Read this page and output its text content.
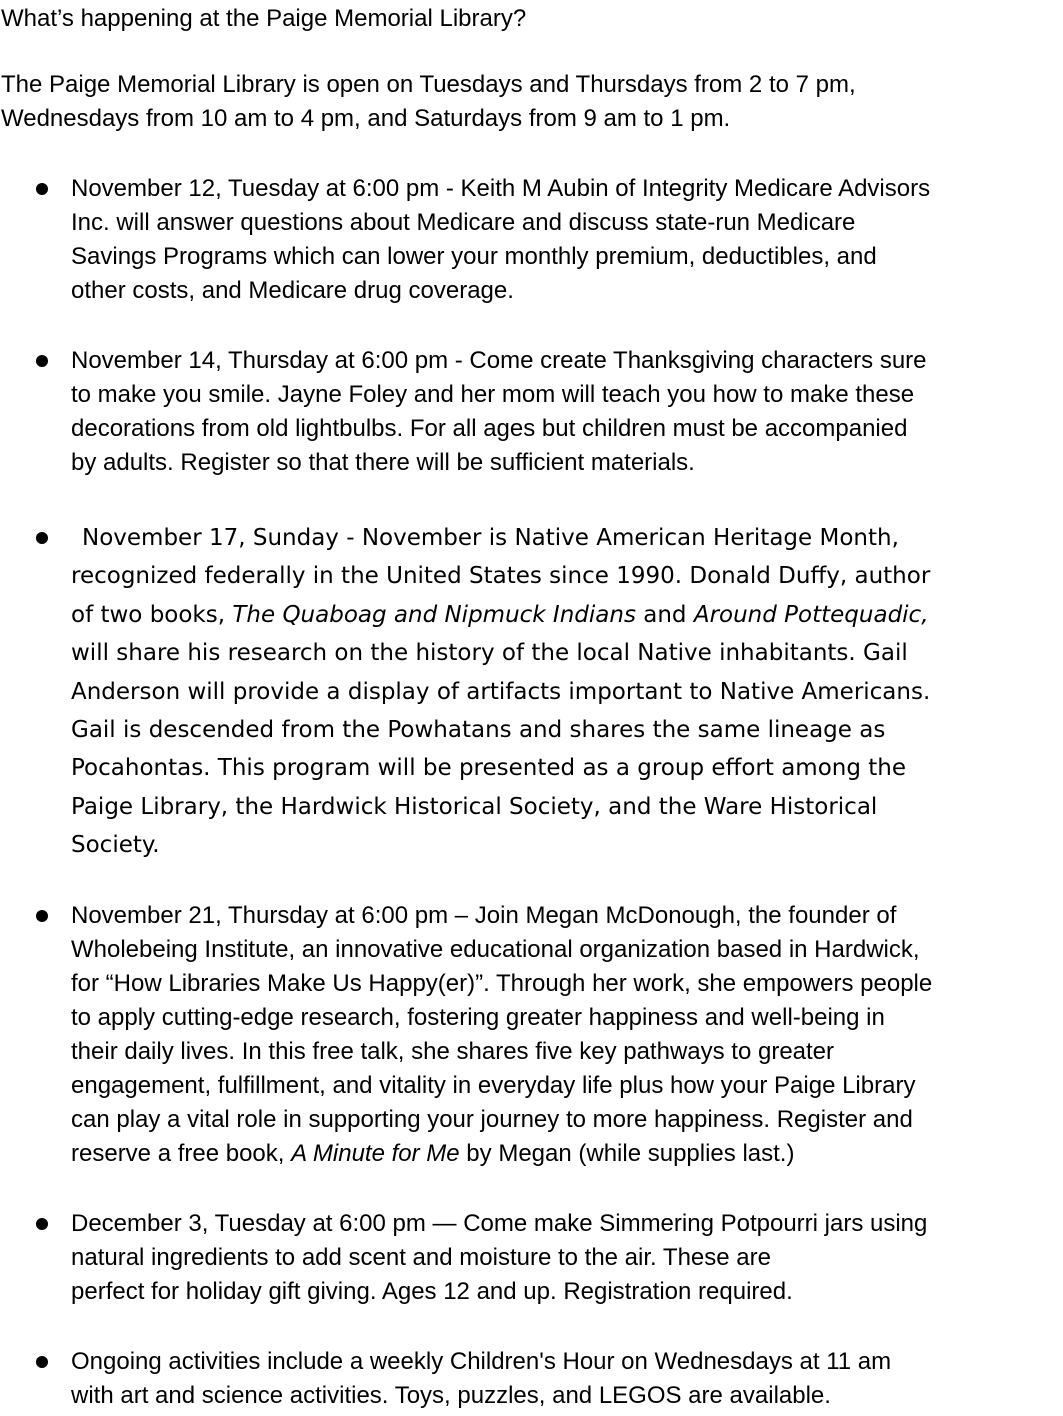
What’s happening at the Paige Memorial Library?
The Paige Memorial Library is open on Tuesdays and Thursdays from 2 to 7 pm,
Wednesdays from 10 am to 4 pm, and Saturdays from 9 am to 1 pm.
November 12, Tuesday at 6:00 pm - Keith M Aubin of Integrity Medicare Advisors
Inc. will answer questions about Medicare and discuss state-run Medicare
Savings Programs which can lower your monthly premium, deductibles, and
other costs, and Medicare drug coverage.
November 14, Thursday at 6:00 pm - Come create Thanksgiving characters sure
to make you smile. Jayne Foley and her mom will teach you how to make these
decorations from old lightbulbs. For all ages but children must be accompanied
by adults. Register so that there will be sufficient materials.
November 17, Sunday - November is Native American Heritage Month,
recognized federally in the United States since 1990. Donald Duffy, author
of two books, The Quaboag and Nipmuck Indians and Around Pottequadic,
will share his research on the history of the local Native inhabitants. Gail
Anderson will provide a display of artifacts important to Native Americans.
Gail is descended from the Powhatans and shares the same lineage as
Pocahontas. This program will be presented as a group effort among the
Paige Library, the Hardwick Historical Society, and the Ware Historical
Society.
November 21, Thursday at 6:00 pm – Join Megan McDonough, the founder of
Wholebeing Institute, an innovative educational organization based in Hardwick,
for “How Libraries Make Us Happy(er)”. Through her work, she empowers people
to apply cutting-edge research, fostering greater happiness and well-being in
their daily lives. In this free talk, she shares five key pathways to greater
engagement, fulfillment, and vitality in everyday life plus how your Paige Library
can play a vital role in supporting your journey to more happiness. Register and
reserve a free book, A Minute for Me by Megan (while supplies last.)
December 3, Tuesday at 6:00 pm — Come make Simmering Potpourri jars using
natural ingredients to add scent and moisture to the air. These are
perfect for holiday gift giving. Ages 12 and up. Registration required.
Ongoing activities include a weekly Children's Hour on Wednesdays at 11 am
with art and science activities. Toys, puzzles, and LEGOS are available.
